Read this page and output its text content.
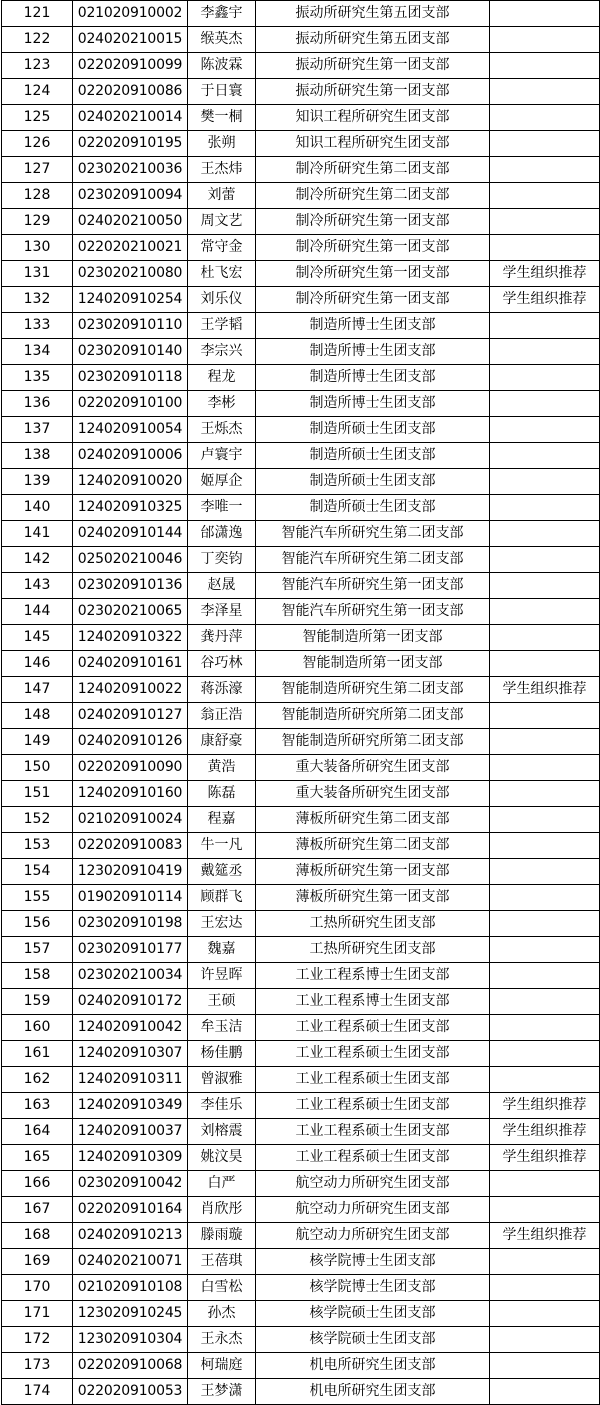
121	021020910002	李鑫宇	振动所研究生第五团支部	
122	024020210015	缑英杰	振动所研究生第五团支部	
123	022020910099	陈波霖	振动所研究生第一团支部	
124	022020910086	于日寰	振动所研究生第一团支部	
125	024020210014	樊一桐	知识工程所研究生团支部	
126	022020910195	张朔	知识工程所研究生团支部	
127	023020210036	王杰炜	制冷所研究生第二团支部	
128	023020910094	刘蕾	制冷所研究生第二团支部	
129	024020210050	周文艺	制冷所研究生第一团支部	
130	022020210021	常守金	制冷所研究生第一团支部	
131	023020210080	杜飞宏	制冷所研究生第一团支部	学生组织推荐
132	124020910254	刘乐仪	制冷所研究生第一团支部	学生组织推荐
133	023020910110	王学韬	制造所博士生团支部	
134	023020910140	李宗兴	制造所博士生团支部	
135	023020910118	程龙	制造所博士生团支部	
136	022020910100	李彬	制造所博士生团支部	
137	124020910054	王烁杰	制造所硕士生团支部	
138	024020910006	卢寰宇	制造所硕士生团支部	
139	124020910020	姬厚企	制造所硕士生团支部	
140	124020910325	李唯一	制造所硕士生团支部	
141	024020910144	邰潇逸	智能汽车所研究生第二团支部	
142	025020210046	丁奕钧	智能汽车所研究生第二团支部	
143	023020910136	赵晟	智能汽车所研究生第一团支部	
144	023020210065	李泽星	智能汽车所研究生第一团支部	
145	124020910322	龚丹萍	智能制造所第一团支部	
146	024020910161	谷巧林	智能制造所第一团支部	
147	124020910022	蒋泺濠	智能制造所研究生第二团支部	学生组织推荐
148	024020910127	翁正浩	智能制造所研究所第二团支部	
149	024020910126	康舒豪	智能制造所研究所第二团支部	
150	022020910090	黄浩	重大装备所研究生团支部	
151	124020910160	陈磊	重大装备所研究生团支部	
152	021020910024	程嘉	薄板所研究生第二团支部	
153	022020910083	牛一凡	薄板所研究生第二团支部	
154	123020910419	戴筵丞	薄板所研究生第一团支部	
155	019020910114	顾群飞	薄板所研究生第一团支部	
156	023020910198	王宏达	工热所研究生团支部	
157	023020910177	魏嘉	工热所研究生团支部	
158	023020210034	许昱晖	工业工程系博士生团支部	
159	024020910172	王硕	工业工程系博士生团支部	
160	124020910042	牟玉洁	工业工程系硕士生团支部	
161	124020910307	杨佳鹏	工业工程系硕士生团支部	
162	124020910311	曾淑雅	工业工程系硕士生团支部	
163	124020910349	李佳乐	工业工程系硕士生团支部	学生组织推荐
164	124020910037	刘榕震	工业工程系硕士生团支部	学生组织推荐
165	124020910309	姚汶昊	工业工程系硕士生团支部	学生组织推荐
166	023020910042	白严	航空动力所研究生团支部	
167	022020910164	肖欣彤	航空动力所研究生团支部	
168	024020910213	滕雨璇	航空动力所研究生团支部	学生组织推荐
169	024020210071	王蓓琪	核学院博士生团支部	
170	021020910108	白雪松	核学院博士生团支部	
171	123020910245	孙杰	核学院硕士生团支部	
172	123020910304	王永杰	核学院硕士生团支部	
173	022020910068	柯瑞庭	机电所研究生团支部	
174	022020910053	王梦潇	机电所研究生团支部	
